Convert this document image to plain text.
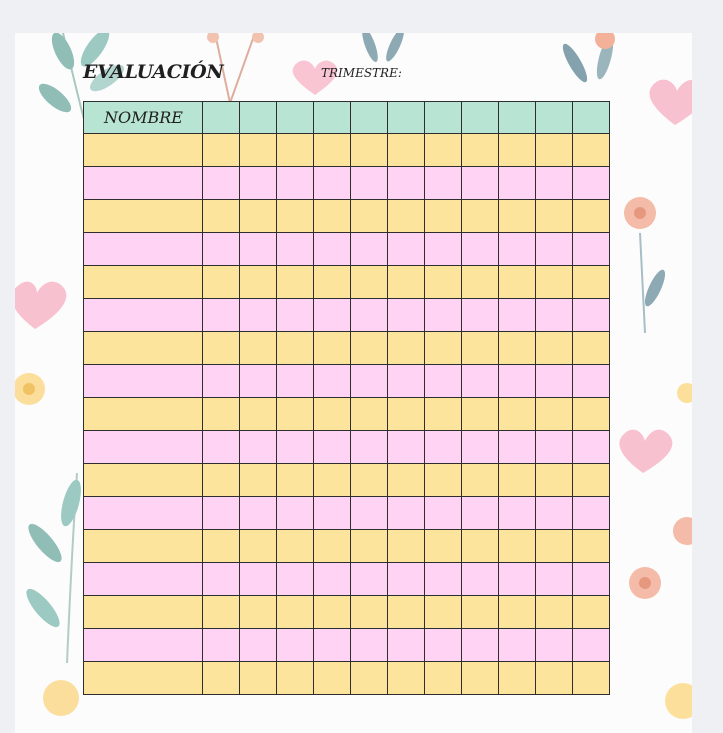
EVALUACIÓN	TRIMESTRE:

NOMBRE											
